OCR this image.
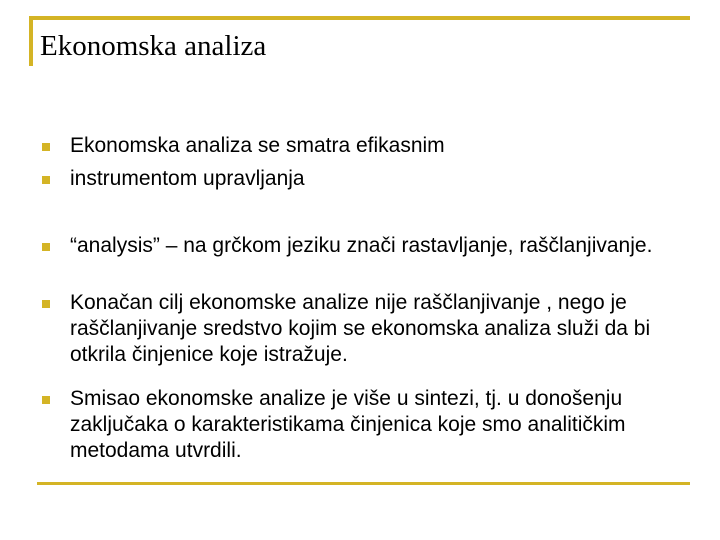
Ekonomska analiza
Ekonomska analiza se smatra efikasnim
instrumentom upravljanja
“analysis” – na grčkom jeziku znači rastavljanje, raščlanjivanje.
Konačan cilj ekonomske analize nije raščlanjivanje , nego je raščlanjivanje sredstvo kojim se ekonomska analiza služi da bi otkrila činjenice koje istražuje.
Smisao ekonomske analize je više u sintezi, tj. u donošenju zaključaka o karakteristikama činjenica koje smo analitičkim metodama utvrdili.
